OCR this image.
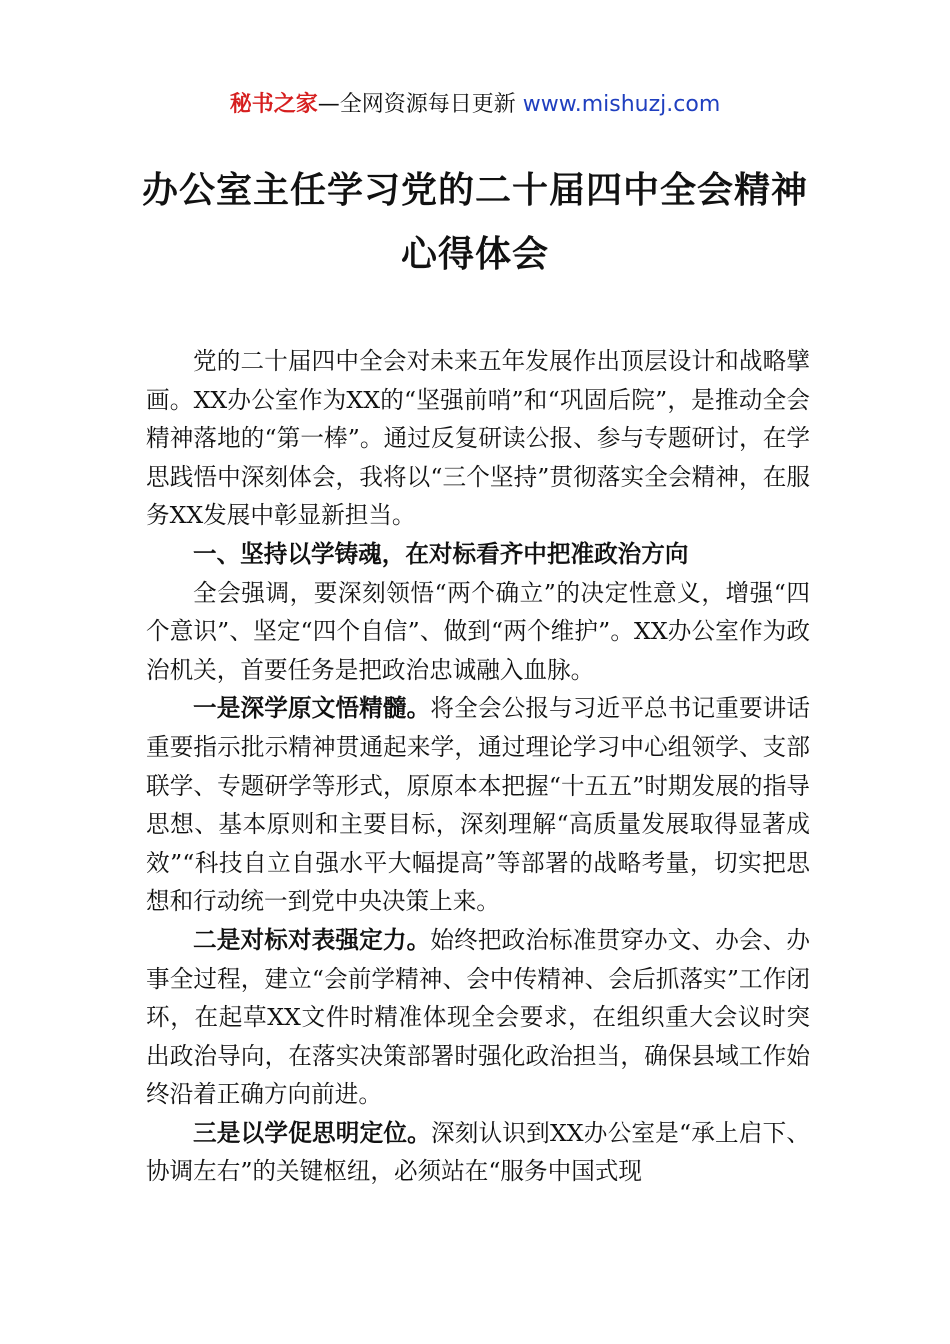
秘书之家—全网资源每日更新 www.mishuzj.com
办公室主任学习党的二十届四中全会精神
心得体会

党的二十届四中全会对未来五年发展作出顶层设计和战略擘画。XX办公室作为XX的“坚强前哨”和“巩固后院”，是推动全会精神落地的“第一棒”。通过反复研读公报、参与专题研讨，在学思践悟中深刻体会，我将以“三个坚持”贯彻落实全会精神，在服务XX发展中彰显新担当。

一、坚持以学铸魂，在对标看齐中把准政治方向

全会强调，要深刻领悟“两个确立”的决定性意义，增强“四个意识”、坚定“四个自信”、做到“两个维护”。XX办公室作为政治机关，首要任务是把政治忠诚融入血脉。

一是深学原文悟精髓。将全会公报与习近平总书记重要讲话重要指示批示精神贯通起来学，通过理论学习中心组领学、支部联学、专题研学等形式，原原本本把握“十五五”时期发展的指导思想、基本原则和主要目标，深刻理解“高质量发展取得显著成效”“科技自立自强水平大幅提高”等部署的战略考量，切实把思想和行动统一到党中央决策上来。

二是对标对表强定力。始终把政治标准贯穿办文、办会、办事全过程，建立“会前学精神、会中传精神、会后抓落实”工作闭环，在起草XX文件时精准体现全会要求，在组织重大会议时突出政治导向，在落实决策部署时强化政治担当，确保县域工作始终沿着正确方向前进。

三是以学促思明定位。深刻认识到XX办公室是“承上启下、协调左右”的关键枢纽，必须站在“服务中国式现
